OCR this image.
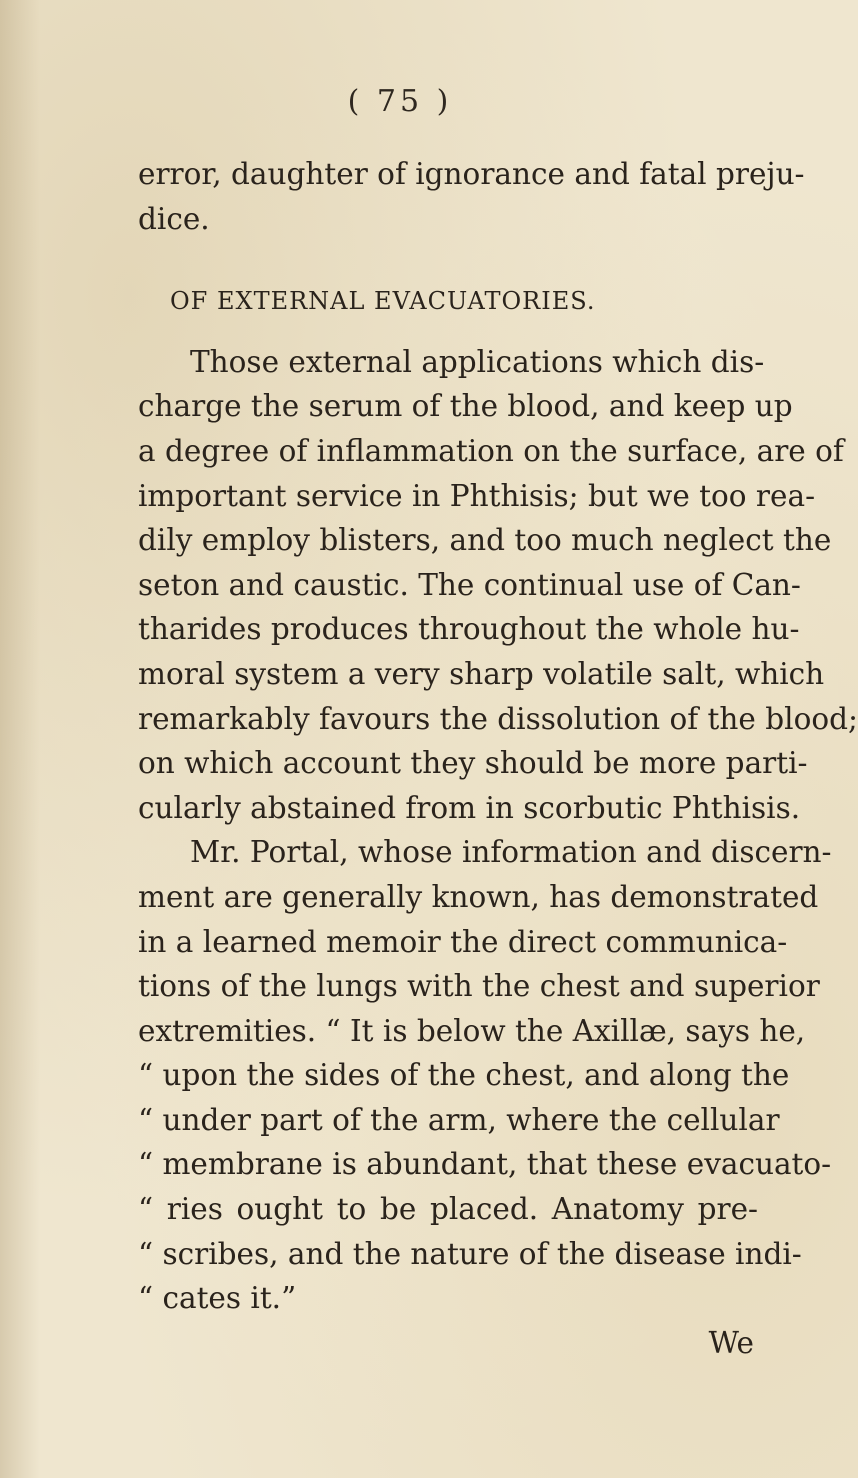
( 75 )
error, daughter of ignorance and fatal preju-
dice.
OF EXTERNAL EVACUATORIES.
Those external applications which dis-
charge the serum of the blood, and keep up
a degree of inflammation on the surface, are of
important service in Phthisis; but we too rea-
dily employ blisters, and too much neglect the
seton and caustic. The continual use of Can-
tharides produces throughout the whole hu-
moral system a very sharp volatile salt, which
remarkably favours the dissolution of the blood;
on which account they should be more parti-
cularly abstained from in scorbutic Phthisis.
Mr. Portal, whose information and discern-
ment are generally known, has demonstrated
in a learned memoir the direct communica-
tions of the lungs with the chest and superior
extremities. “ It is below the Axillæ, says he,
“ upon the sides of the chest, and along the
“ under part of the arm, where the cellular
“ membrane is abundant, that these evacuato-
“ ries ought to be placed. Anatomy pre-
“ scribes, and the nature of the disease indi-
“ cates it.”
We
